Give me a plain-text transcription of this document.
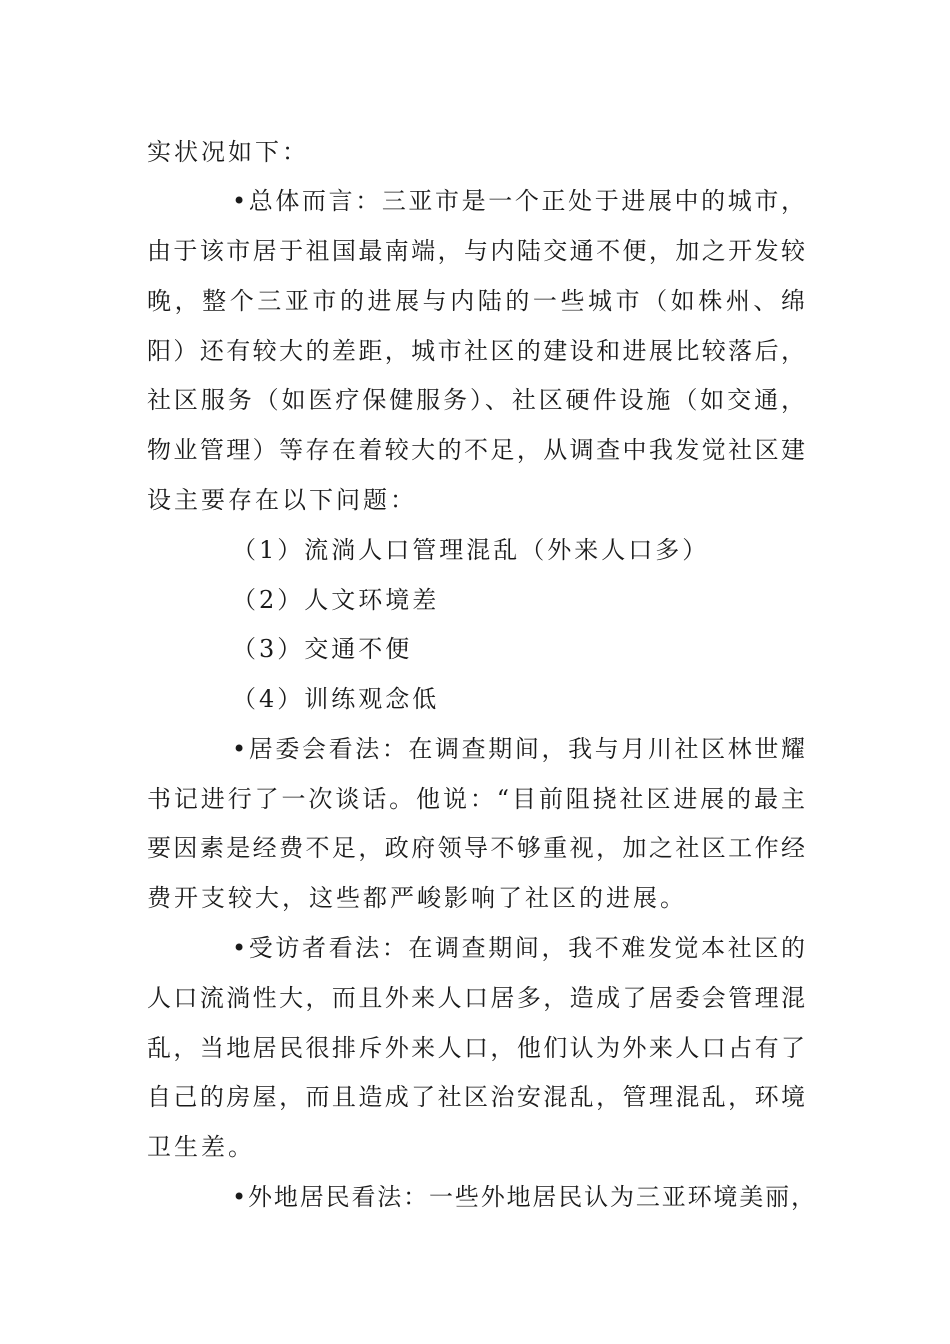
实状况如下：
•总体而言：三亚市是一个正处于进展中的城市，
由于该市居于祖国最南端，与内陆交通不便，加之开发较
晚，整个三亚市的进展与内陆的一些城市（如株州、绵
阳）还有较大的差距，城市社区的建设和进展比较落后，
社区服务（如医疗保健服务）、社区硬件设施（如交通，
物业管理）等存在着较大的不足，从调查中我发觉社区建
设主要存在以下问题：
（1）流淌人口管理混乱（外来人口多）
（2）人文环境差
（3）交通不便
（4）训练观念低
•居委会看法：在调查期间，我与月川社区林世耀
书记进行了一次谈话。他说：“目前阻挠社区进展的最主
要因素是经费不足，政府领导不够重视，加之社区工作经
费开支较大，这些都严峻影响了社区的进展。
•受访者看法：在调查期间，我不难发觉本社区的
人口流淌性大，而且外来人口居多，造成了居委会管理混
乱，当地居民很排斥外来人口，他们认为外来人口占有了
自己的房屋，而且造成了社区治安混乱，管理混乱，环境
卫生差。
•外地居民看法：一些外地居民认为三亚环境美丽，
